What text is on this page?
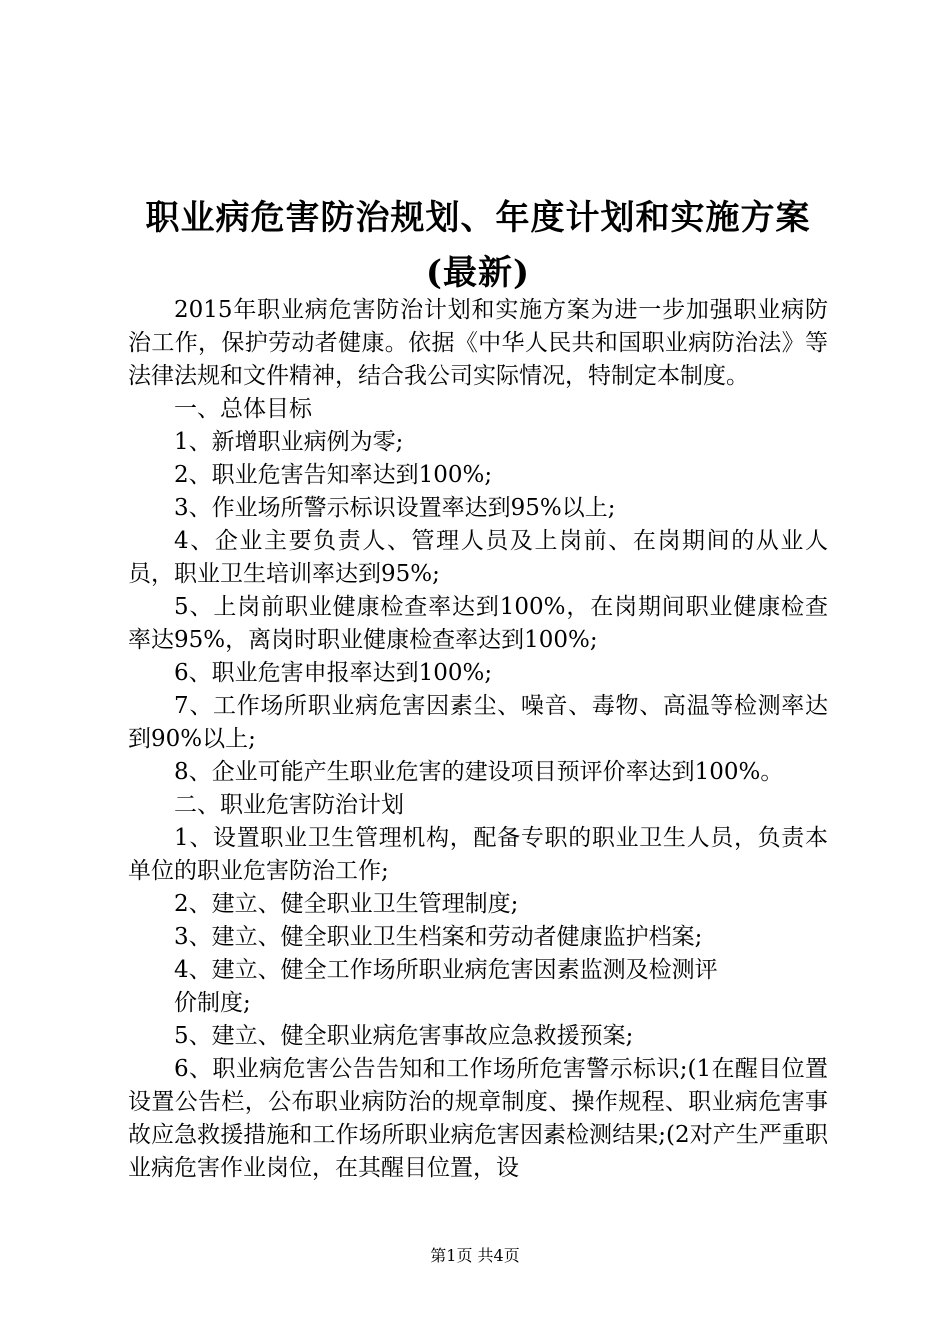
职业病危害防治规划、年度计划和实施方案
(最新)

2015年职业病危害防治计划和实施方案为进一步加强职业病防治工作，保护劳动者健康。依据《中华人民共和国职业病防治法》等法律法规和文件精神，结合我公司实际情况，特制定本制度。

一、总体目标

1、新增职业病例为零;

2、职业危害告知率达到100%;

3、作业场所警示标识设置率达到95%以上;

4、企业主要负责人、管理人员及上岗前、在岗期间的从业人员，职业卫生培训率达到95%;

5、上岗前职业健康检查率达到100%，在岗期间职业健康检查率达95%，离岗时职业健康检查率达到100%;

6、职业危害申报率达到100%;

7、工作场所职业病危害因素尘、噪音、毒物、高温等检测率达到90%以上;

8、企业可能产生职业危害的建设项目预评价率达到100%。

二、职业危害防治计划

1、设置职业卫生管理机构，配备专职的职业卫生人员，负责本单位的职业危害防治工作;

2、建立、健全职业卫生管理制度;

3、建立、健全职业卫生档案和劳动者健康监护档案;

4、建立、健全工作场所职业病危害因素监测及检测评

价制度;

5、建立、健全职业病危害事故应急救援预案;

6、职业病危害公告告知和工作场所危害警示标识;(1在醒目位置设置公告栏，公布职业病防治的规章制度、操作规程、职业病危害事故应急救援措施和工作场所职业病危害因素检测结果;(2对产生严重职业病危害作业岗位，在其醒目位置，设

第1页 共4页
